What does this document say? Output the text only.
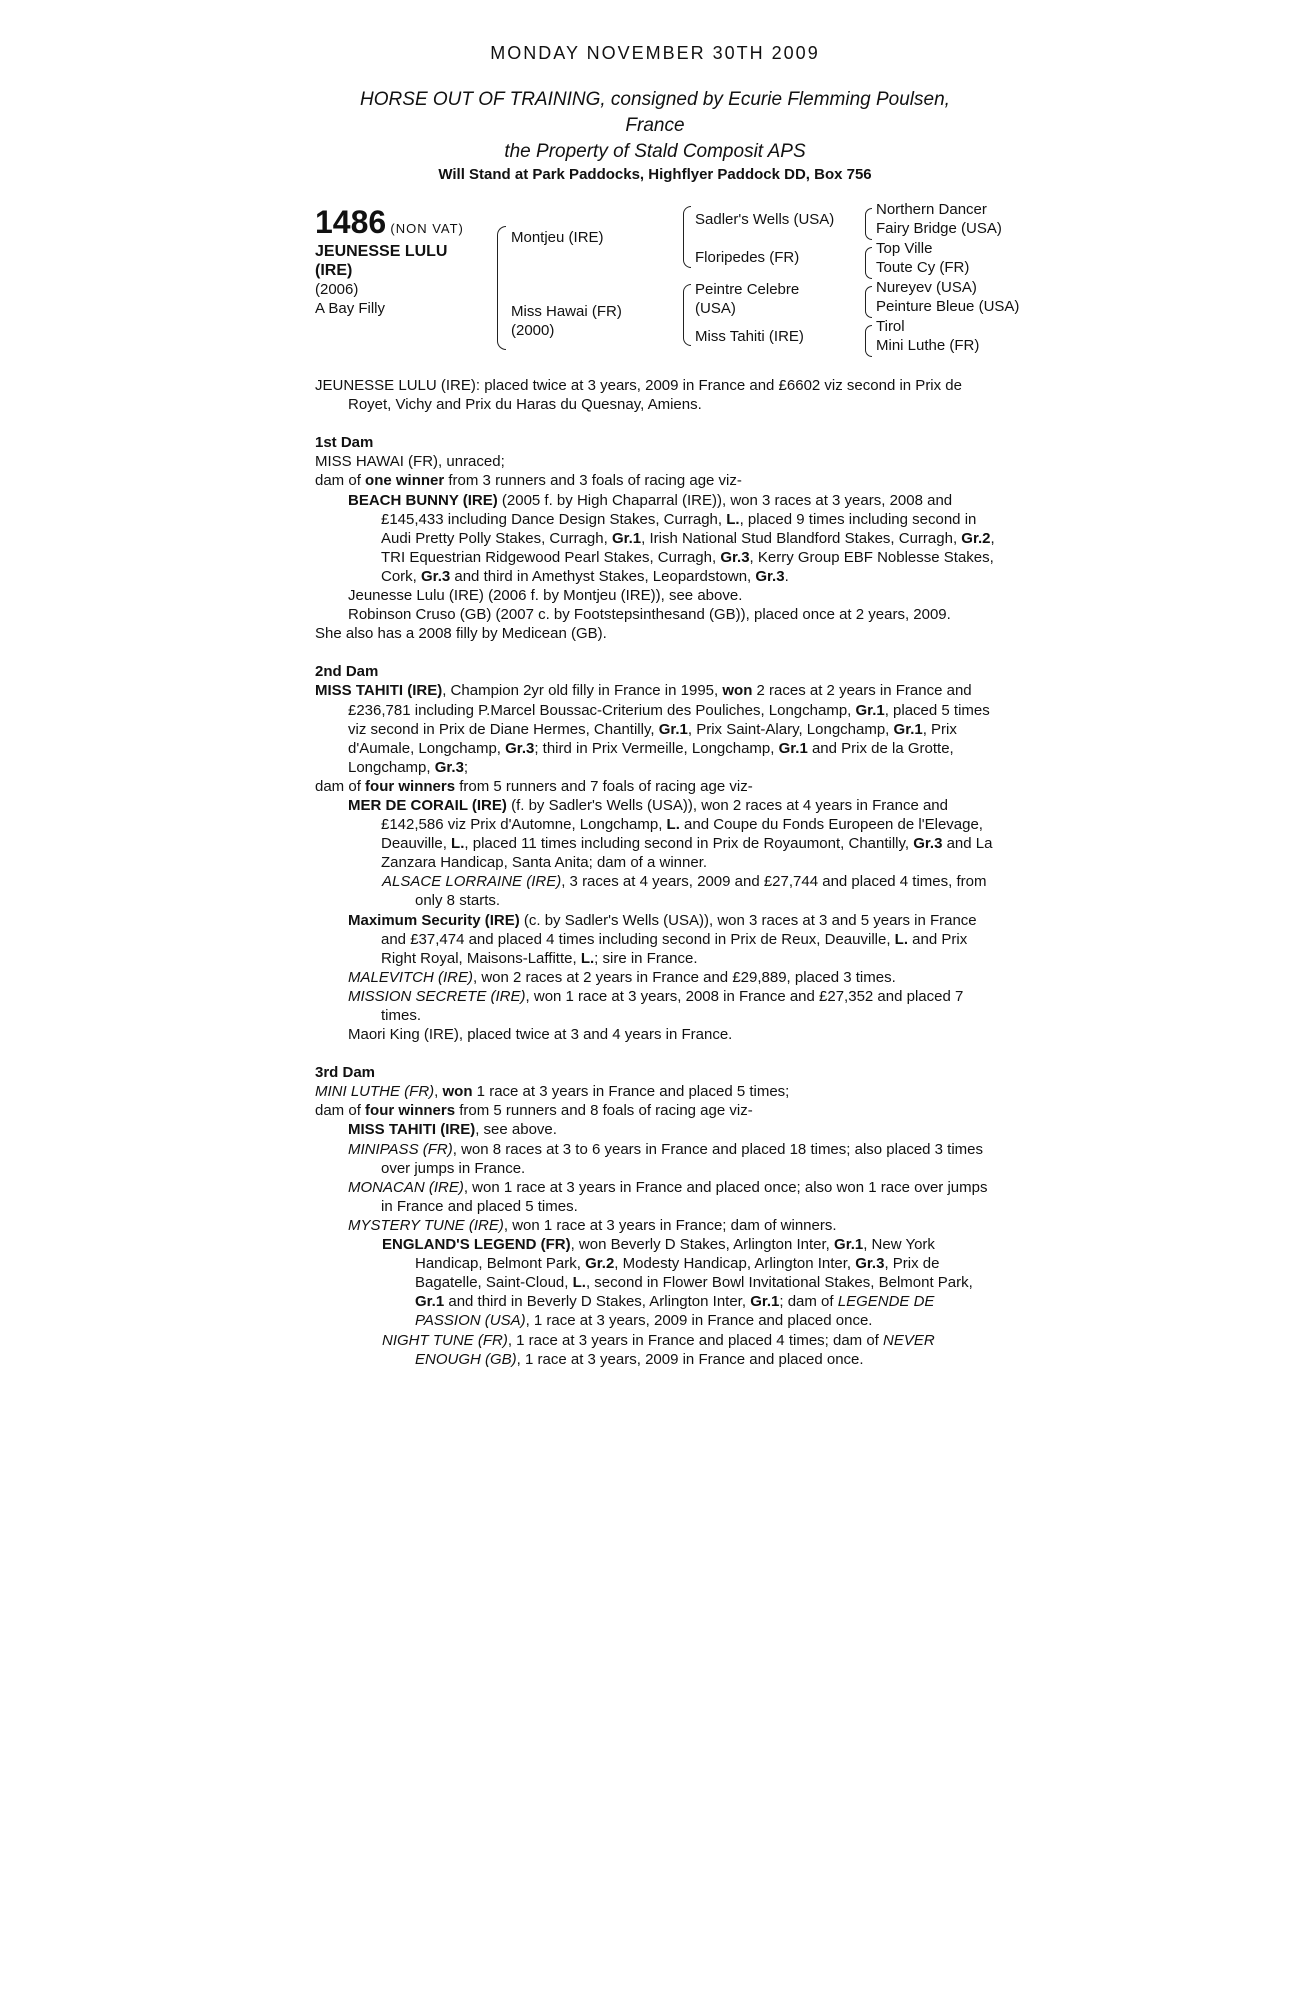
MONDAY NOVEMBER 30TH 2009
HORSE OUT OF TRAINING, consigned by Ecurie Flemming Poulsen,
France
the Property of Stald Composit APS
Will Stand at Park Paddocks, Highflyer Paddock DD, Box 756
1486 (NON VAT)
JEUNESSE LULU
(IRE)
(2006)
A Bay Filly
Montjeu (IRE)
Miss Hawai (FR)
(2000)
Sadler's Wells (USA)
Floripedes (FR)
Peintre Celebre
(USA)
Miss Tahiti (IRE)
Northern Dancer
Fairy Bridge (USA)
Top Ville
Toute Cy (FR)
Nureyev (USA)
Peinture Bleue (USA)
Tirol
Mini Luthe (FR)
JEUNESSE LULU (IRE): placed twice at 3 years, 2009 in France and £6602 viz second in Prix de Royet, Vichy and Prix du Haras du Quesnay, Amiens.
1st Dam
MISS HAWAI (FR), unraced;
dam of one winner from 3 runners and 3 foals of racing age viz-
BEACH BUNNY (IRE) (2005 f. by High Chaparral (IRE)), won 3 races at 3 years, 2008 and £145,433 including Dance Design Stakes, Curragh, L., placed 9 times including second in Audi Pretty Polly Stakes, Curragh, Gr.1, Irish National Stud Blandford Stakes, Curragh, Gr.2, TRI Equestrian Ridgewood Pearl Stakes, Curragh, Gr.3, Kerry Group EBF Noblesse Stakes, Cork, Gr.3 and third in Amethyst Stakes, Leopardstown, Gr.3.
Jeunesse Lulu (IRE) (2006 f. by Montjeu (IRE)), see above.
Robinson Cruso (GB) (2007 c. by Footstepsinthesand (GB)), placed once at 2 years, 2009.
She also has a 2008 filly by Medicean (GB).
2nd Dam
MISS TAHITI (IRE), Champion 2yr old filly in France in 1995, won 2 races at 2 years in France and £236,781 including P.Marcel Boussac-Criterium des Pouliches, Longchamp, Gr.1, placed 5 times viz second in Prix de Diane Hermes, Chantilly, Gr.1, Prix Saint-Alary, Longchamp, Gr.1, Prix d'Aumale, Longchamp, Gr.3; third in Prix Vermeille, Longchamp, Gr.1 and Prix de la Grotte, Longchamp, Gr.3;
dam of four winners from 5 runners and 7 foals of racing age viz-
MER DE CORAIL (IRE) (f. by Sadler's Wells (USA)), won 2 races at 4 years in France and £142,586 viz Prix d'Automne, Longchamp, L. and Coupe du Fonds Europeen de l'Elevage, Deauville, L., placed 11 times including second in Prix de Royaumont, Chantilly, Gr.3 and La Zanzara Handicap, Santa Anita; dam of a winner.
ALSACE LORRAINE (IRE), 3 races at 4 years, 2009 and £27,744 and placed 4 times, from only 8 starts.
Maximum Security (IRE) (c. by Sadler's Wells (USA)), won 3 races at 3 and 5 years in France and £37,474 and placed 4 times including second in Prix de Reux, Deauville, L. and Prix Right Royal, Maisons-Laffitte, L.; sire in France.
MALEVITCH (IRE), won 2 races at 2 years in France and £29,889, placed 3 times.
MISSION SECRETE (IRE), won 1 race at 3 years, 2008 in France and £27,352 and placed 7 times.
Maori King (IRE), placed twice at 3 and 4 years in France.
3rd Dam
MINI LUTHE (FR), won 1 race at 3 years in France and placed 5 times;
dam of four winners from 5 runners and 8 foals of racing age viz-
MISS TAHITI (IRE), see above.
MINIPASS (FR), won 8 races at 3 to 6 years in France and placed 18 times; also placed 3 times over jumps in France.
MONACAN (IRE), won 1 race at 3 years in France and placed once; also won 1 race over jumps in France and placed 5 times.
MYSTERY TUNE (IRE), won 1 race at 3 years in France; dam of winners.
ENGLAND'S LEGEND (FR), won Beverly D Stakes, Arlington Inter, Gr.1, New York Handicap, Belmont Park, Gr.2, Modesty Handicap, Arlington Inter, Gr.3, Prix de Bagatelle, Saint-Cloud, L., second in Flower Bowl Invitational Stakes, Belmont Park, Gr.1 and third in Beverly D Stakes, Arlington Inter, Gr.1; dam of LEGENDE DE PASSION (USA), 1 race at 3 years, 2009 in France and placed once.
NIGHT TUNE (FR), 1 race at 3 years in France and placed 4 times; dam of NEVER ENOUGH (GB), 1 race at 3 years, 2009 in France and placed once.
